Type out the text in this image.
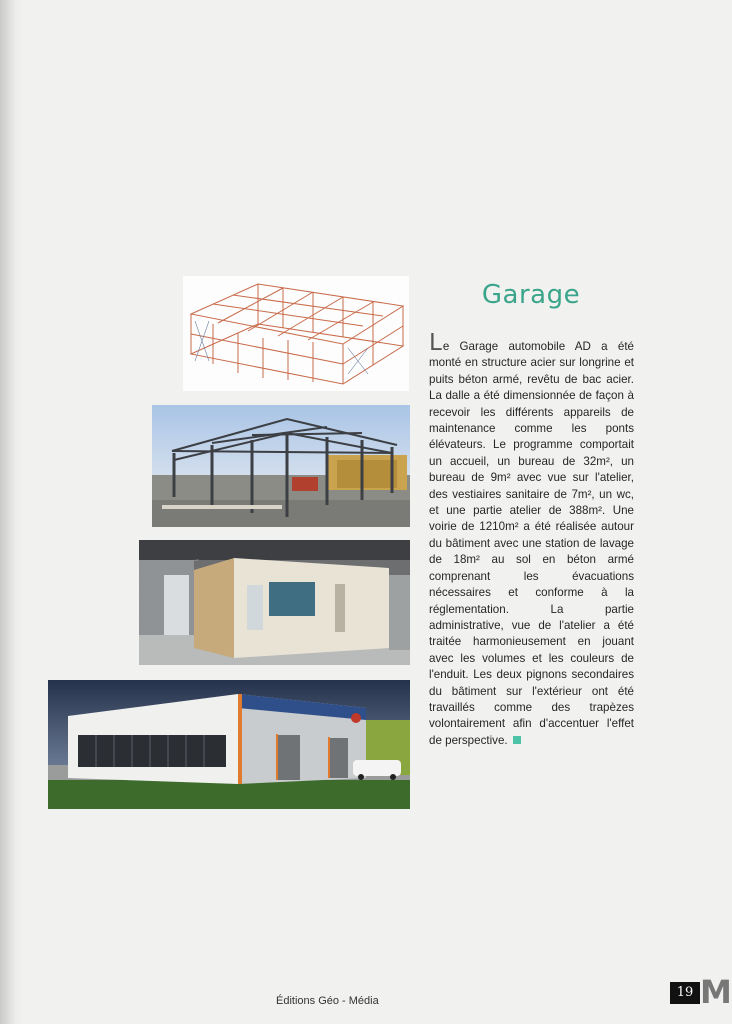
Garage
Le Garage automobile AD a été monté en structure acier sur longrine et puits béton armé, revêtu de bac acier. La dalle a été dimensionnée de façon à recevoir les différents appareils de maintenance comme les ponts élévateurs. Le programme comportait un accueil, un bureau de 32m², un bureau de 9m² avec vue sur l'atelier, des vestiaires sanitaire de 7m², un wc, et une partie atelier de 388m². Une voirie de 1210m² a été réalisée autour du bâtiment avec une station de lavage de 18m² au sol en béton armé comprenant les évacuations nécessaires et conforme à la réglementation. La partie administrative, vue de l'atelier a été traitée harmonieusement en jouant avec les volumes et les couleurs de l'enduit. Les deux pignons secondaires du bâtiment sur l'extérieur ont été travaillés comme des trapèzes volontairement afin d'accentuer l'effet de perspective.
Éditions Géo - Média
19 M
